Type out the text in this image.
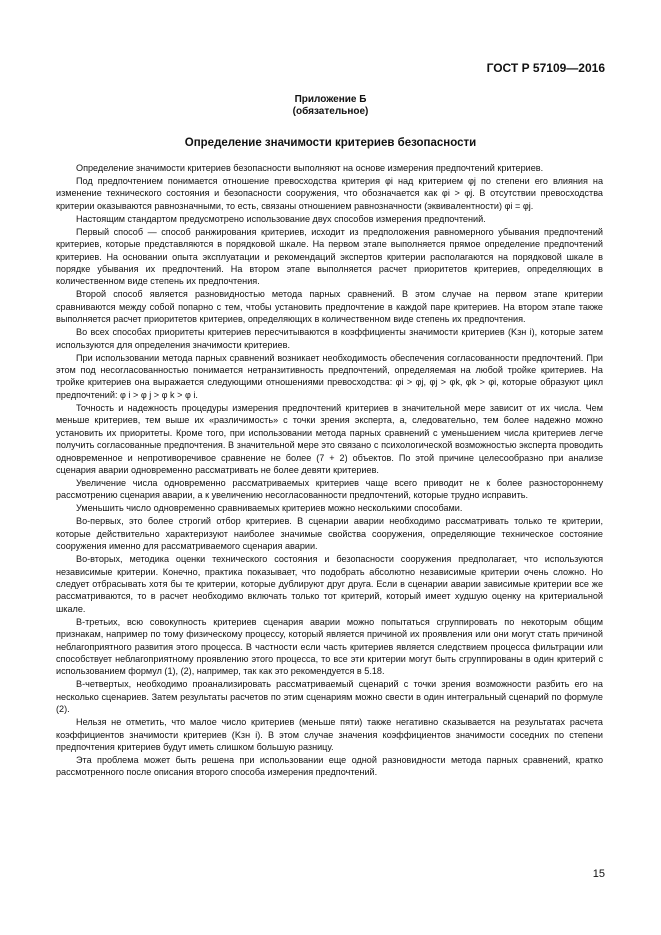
ГОСТ Р 57109—2016
Приложение Б
(обязательное)
Определение значимости критериев безопасности

Определение значимости критериев безопасности выполняют на основе измерения предпочтений критериев.

Под предпочтением понимается отношение превосходства критерия φi над критерием φj по степени его влияния на изменение технического состояния и безопасности сооружения, что обозначается как φi > φj. В отсутствии превосходства критерии оказываются равнозначными, то есть, связаны отношением равнозначности (эквивалентности) φi = φj.

Настоящим стандартом предусмотрено использование двух способов измерения предпочтений.

Первый способ — способ ранжирования критериев, исходит из предположения равномерного убывания предпочтений критериев, которые представляются в порядковой шкале. На первом этапе выполняется прямое определение предпочтений критериев. На основании опыта эксплуатации и рекомендаций экспертов критерии располагаются на порядковой шкале в порядке убывания их предпочтений. На втором этапе выполняется расчет приоритетов критериев, определяющих в количественном виде степень их предпочтения.

Второй способ является разновидностью метода парных сравнений. В этом случае на первом этапе критерии сравниваются между собой попарно с тем, чтобы установить предпочтение в каждой паре критериев. На втором этапе также выполняется расчет приоритетов критериев, определяющих в количественном виде степень их предпочтения.

Во всех способах приоритеты критериев пересчитываются в коэффициенты значимости критериев (Kзн i), которые затем используются для определения значимости критериев.

При использовании метода парных сравнений возникает необходимость обеспечения согласованности предпочтений. При этом под несогласованностью понимается нетранзитивность предпочтений, определяемая на любой тройке критериев. На тройке критериев она выражается следующими отношениями превосходства: φi > φj, φj > φk, φk > φi, которые образуют цикл предпочтений: φ i > φ j > φ k > φ i.

Точность и надежность процедуры измерения предпочтений критериев в значительной мере зависит от их числа. Чем меньше критериев, тем выше их «различимость» с точки зрения эксперта, а, следовательно, тем более надежно можно установить их приоритеты. Кроме того, при использовании метода парных сравнений с уменьшением числа критериев легче получить согласованные предпочтения. В значительной мере это связано с психологической возможностью эксперта проводить одновременное и непротиворечивое сравнение не более (7 + 2) объектов. По этой причине целесообразно при анализе сценария аварии одновременно рассматривать не более девяти критериев.

Увеличение числа одновременно рассматриваемых критериев чаще всего приводит не к более разностороннему рассмотрению сценария аварии, а к увеличению несогласованности предпочтений, которые трудно исправить.

Уменьшить число одновременно сравниваемых критериев можно несколькими способами.

Во-первых, это более строгий отбор критериев. В сценарии аварии необходимо рассматривать только те критерии, которые действительно характеризуют наиболее значимые свойства сооружения, определяющие техническое состояние сооружения именно для рассматриваемого сценария аварии.

Во-вторых, методика оценки технического состояния и безопасности сооружения предполагает, что используются независимые критерии. Конечно, практика показывает, что подобрать абсолютно независимые критерии очень сложно. Но следует отбрасывать хотя бы те критерии, которые дублируют друг друга. Если в сценарии аварии зависимые критерии все же рассматриваются, то в расчет необходимо включать только тот критерий, который имеет худшую оценку на критериальной шкале.

В-третьих, всю совокупность критериев сценария аварии можно попытаться сгруппировать по некоторым общим признакам, например по тому физическому процессу, который является причиной их проявления или они могут стать причиной неблагоприятного развития этого процесса. В частности если часть критериев является следствием процесса фильтрации или способствует неблагоприятному проявлению этого процесса, то все эти критерии могут быть сгруппированы в один критерий с использованием формул (1), (2), например, так как это рекомендуется в 5.18.

В-четвертых, необходимо проанализировать рассматриваемый сценарий с точки зрения возможности разбить его на несколько сценариев. Затем результаты расчетов по этим сценариям можно свести в один интегральный сценарий по формуле (2).

Нельзя не отметить, что малое число критериев (меньше пяти) также негативно сказывается на результатах расчета коэффициентов значимости критериев (Kзн i). В этом случае значения коэффициентов значимости соседних по степени предпочтения критериев будут иметь слишком большую разницу.

Эта проблема может быть решена при использовании еще одной разновидности метода парных сравнений, кратко рассмотренного после описания второго способа измерения предпочтений.

15
